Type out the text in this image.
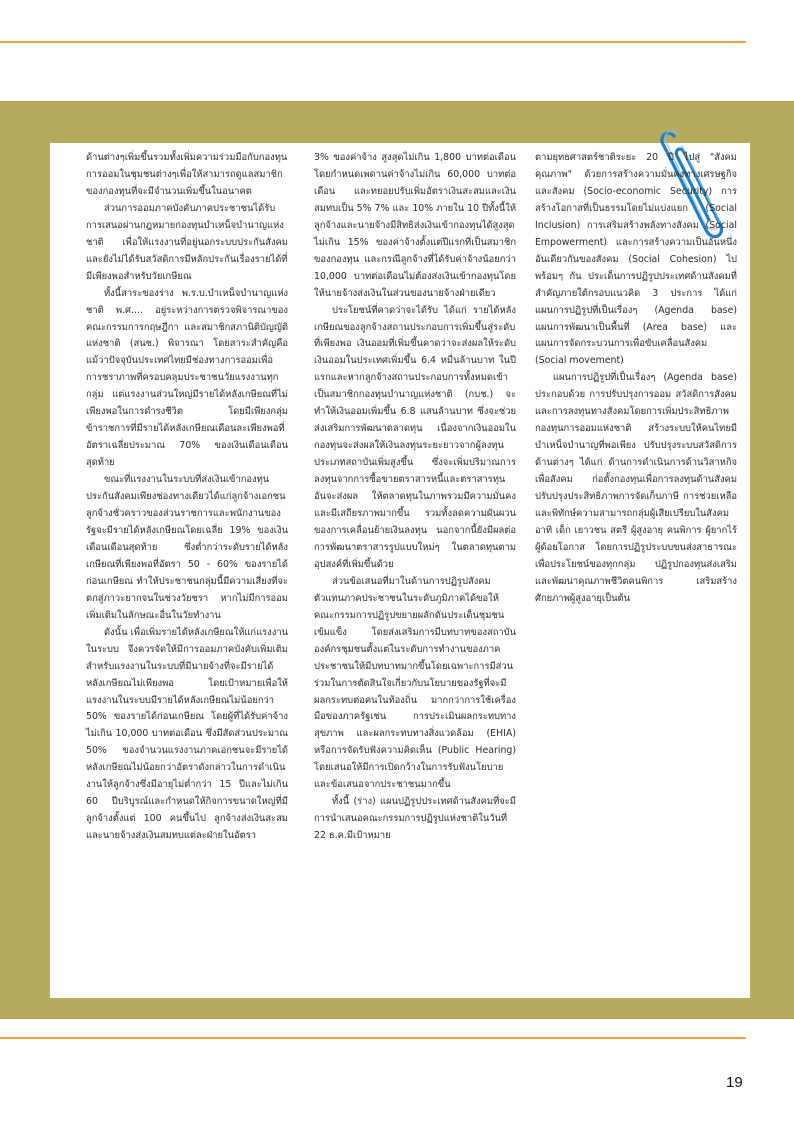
ด้านต่างๆเพิ่มขึ้นรวมทั้งเพิ่มความร่วมมือกับกองทุนการออมในชุมชนต่างๆเพื่อให้สามารถดูแลสมาชิกของกองทุนที่จะมีจำนวนเพิ่มขึ้นในอนาคต

ส่วนการออมภาคบังคับภาคประชาชนได้รับการเสนอผ่านกฎหมายกองทุนบำเหน็จบำนาญแห่งชาติ เพื่อให้แรงงานที่อยู่นอกระบบประกันสังคม และยังไม่ได้รับสวัสดิการมีหลักประกันเรื่องรายได้ที่มีเพียงพอสำหรับวัยเกษียณ

ทั้งนี้สาระของร่าง พ.ร.บ.บำเหน็จบำนาญแห่งชาติ พ.ศ.... อยู่ระหว่างการตรวจพิจารณาของคณะกรรมการกฤษฎีกา และสมาชิกสภานิติบัญญัติแห่งชาติ (สนช.) พิจารณา โดยสาระสำคัญคือแม้ว่าปัจจุบันประเทศไทยมีช่องทางการออมเพื่อการชราภาพที่ครอบคลุมประชาชนวัยแรงงานทุกกลุ่ม แต่แรงงานส่วนใหญ่มีรายได้หลังเกษียณที่ไม่เพียงพอในการดำรงชีวิต โดยมีเพียงกลุ่มข้าราชการที่มีรายได้หลังเกษียณเดือนละเพียงพอที่อัตราเฉลี่ยประมาณ 70% ของเงินเดือนเดือนสุดท้าย

ขณะที่แรงงานในระบบที่ส่งเงินเข้ากองทุนประกันสังคมเพียงช่องทางเดียวได้แก่ลูกจ้างเอกชนลูกจ้างชั่วคราวของส่วนราชการและพนักงานของรัฐจะมีรายได้หลังเกษียณโดยเฉลี่ย 19% ของเงินเดือนเดือนสุดท้าย ซึ่งต่ำกว่าระดับรายได้หลังเกษียณที่เพียงพอที่อัตรา 50 - 60% ของรายได้ก่อนเกษียณ ทำให้ประชาชนกลุ่มนี้มีความเสี่ยงที่จะตกสู่ภาวะยากจนในช่วงวัยชรา หากไม่มีการออมเพิ่มเติมในลักษณะอื่นในวัยทำงาน

ดังนั้น เพื่อเพิ่มรายได้หลังเกษียณให้แก่แรงงานในระบบ จึงควรจัดให้มีการออมภาคบังคับเพิ่มเติมสำหรับแรงงานในระบบที่มีนายจ้างที่จะมีรายได้หลังเกษียณไม่เพียงพอ โดยเป้าหมายเพื่อให้แรงงานในระบบมีรายได้หลังเกษียณไม่น้อยกว่า 50% ของรายได้ก่อนเกษียณ โดยผู้ที่ได้รับค่าจ้างไม่เกิน 10,000 บาทต่อเดือน ซึ่งมีสัดส่วนประมาณ 50% ของจำนวนแรงงานภาคเอกชนจะมีรายได้หลังเกษียณไม่น้อยกว่าอัตราดังกล่าวในการดำเนินงานให้ลูกจ้างซึ่งมีอายุไม่ต่ำกว่า 15 ปีและไม่เกิน 60 ปีบริบูรณ์และกำหนดให้กิจการขนาดใหญ่ที่มีลูกจ้างตั้งแต่ 100 คนขึ้นไป ลูกจ้างส่งเงินสะสมและนายจ้างส่งเงินสมทบแต่ละฝ่ายในอัตรา

3% ของค่าจ้าง สูงสุดไม่เกิน 1,800 บาทต่อเดือน โดยกำหนดเพดานค่าจ้างไม่เกิน 60,000 บาทต่อเดือน และทยอยปรับเพิ่มอัตราเงินสะสมและเงินสมทบเป็น 5% 7% และ 10% ภายใน 10 ปีทั้งนี้ให้ลูกจ้างและนายจ้างมีสิทธิส่งเงินเข้ากองทุนได้สูงสุดไม่เกิน 15% ของค่าจ้างตั้งแต่ปีแรกที่เป็นสมาชิกของกองทุน และกรณีลูกจ้างที่ได้รับค่าจ้างน้อยกว่า 10,000 บาทต่อเดือนไม่ต้องส่งเงินเข้ากองทุนโดยให้นายจ้างส่งเงินในส่วนของนายจ้างฝ่ายเดียว

ประโยชน์ที่คาดว่าจะได้รับ ได้แก่ รายได้หลังเกษียณของลูกจ้างสถานประกอบการเพิ่มขึ้นสู่ระดับที่เพียงพอ เงินออมที่เพิ่มขึ้นคาดว่าจะส่งผลให้ระดับเงินออมในประเทศเพิ่มขึ้น 6.4 หมื่นล้านบาท ในปีแรกและหากลูกจ้างสถานประกอบการทั้งหมดเข้าเป็นสมาชิกกองทุนบำนาญแห่งชาติ (กบช.) จะทำให้เงินออมเพิ่มขึ้น 6.8 แสนล้านบาท ซึ่งจะช่วยส่งเสริมการพัฒนาตลาดทุน เนื่องจากเงินออมในกองทุนจะส่งผลให้เงินลงทุนระยะยาวจากผู้ลงทุนประเภทสถาบันเพิ่มสูงขึ้น ซึ่งจะเพิ่มปริมาณการลงทุนจากการซื้อขายตราสารหนี้และตราสารทุนอันจะส่งผล ให้ตลาดทุนในภาพรวมมีความมั่นคงและมีเสถียรภาพมากขึ้น รวมทั้งลดความผันผวนของการเคลื่อนย้ายเงินลงทุน นอกจากนี้ยังมีผลต่อการพัฒนาตราสารรูปแบบใหม่ๆ ในตลาดทุนตามอุปสงค์ที่เพิ่มขึ้นด้วย

ส่วนข้อเสนอที่มาในด้านการปฏิรูปสังคมตัวแทนภาคประชาชนในระดับภูมิภาคได้ขอให้คณะกรรมการปฏิรูปขยายผลักดันประเด็นชุมชนเข้มแข็ง โดยส่งเสริมการมีบทบาทของสถาบันองค์กรชุมชนตั้งแต่ในระดับการทำงานของภาคประชาชนให้มีบทบาทมากขึ้นโดยเฉพาะการมีส่วนร่วมในการตัดสินใจเกี่ยวกับนโยบายของรัฐที่จะมีผลกระทบต่อคนในท้องถิ่น มากกว่าการใช้เครื่องมือของภาครัฐเช่น การประเมินผลกระทบทางสุขภาพ และผลกระทบทางสิ่งแวดล้อม (EHIA) หรือการจัดรับฟังความคิดเห็น (Public Hearing) โดยเสนอให้มีการเปิดกว้างในการรับฟังนโยบายและข้อเสนอจากประชาชนมากขึ้น

ทั้งนี้ (ร่าง) แผนปฏิรูปประเทศด้านสังคมที่จะมีการนำเสนอคณะกรรมการปฏิรูปแห่งชาติในวันที่ 22 ธ.ค.มีเป้าหมาย

ตามยุทธศาสตร์ชาติระยะ 20 ปี ไปสู่ "สังคมคุณภาพ" ด้วยการสร้างความมั่นคงทางเศรษฐกิจและสังคม (Socio-economic Security) การสร้างโอกาสที่เป็นธรรมโดยไม่แบ่งแยก (Social Inclusion) การเสริมสร้างพลังทางสังคม (Social Empowerment) และการสร้างความเป็นอันหนึ่งอันเดียวกันของสังคม (Social Cohesion) ไปพร้อมๆ กัน ประเด็นการปฏิรูปประเทศด้านสังคมที่สำคัญภายใต้กรอบแนวคิด 3 ประการ ได้แก่ แผนการปฏิรูปที่เป็นเรื่องๆ (Agenda base) แผนการพัฒนาเป็นพื้นที่ (Area base) และแผนการจัดกระบวนการเพื่อขับเคลื่อนสังคม (Social movement)

แผนการปฏิรูปที่เป็นเรื่องๆ (Agenda base) ประกอบด้วย การปรับปรุงการออม สวัสดิการสังคม และการลงทุนทางสังคมโดยการเพิ่มประสิทธิภาพกองทุนการออมแห่งชาติ สร้างระบบให้คนไทยมีบำเหน็จบำนาญที่พอเพียง ปรับปรุงระบบสวัสดิการด้านต่างๆ ได้แก่ ด้านการดำเนินการด้านวิสาหกิจเพื่อสังคม ก่อตั้งกองทุนเพื่อการลงทุนด้านสังคม ปรับปรุงประสิทธิภาพการจัดเก็บภาษี การช่วยเหลือและพิทักษ์ความสามารถกลุ่มผู้เสียเปรียบในสังคม อาทิ เด็ก เยาวชน สตรี ผู้สูงอายุ คนพิการ ผู้ยากไร้ ผู้ด้อยโอกาส โดยการปฏิรูประบบขนส่งสาธารณะเพื่อประโยชน์ของทุกกลุ่ม ปฏิรูปกองทุนส่งเสริมและพัฒนาคุณภาพชีวิตคนพิการ เสริมสร้างศักยภาพผู้สูงอายุเป็นต้น

19
